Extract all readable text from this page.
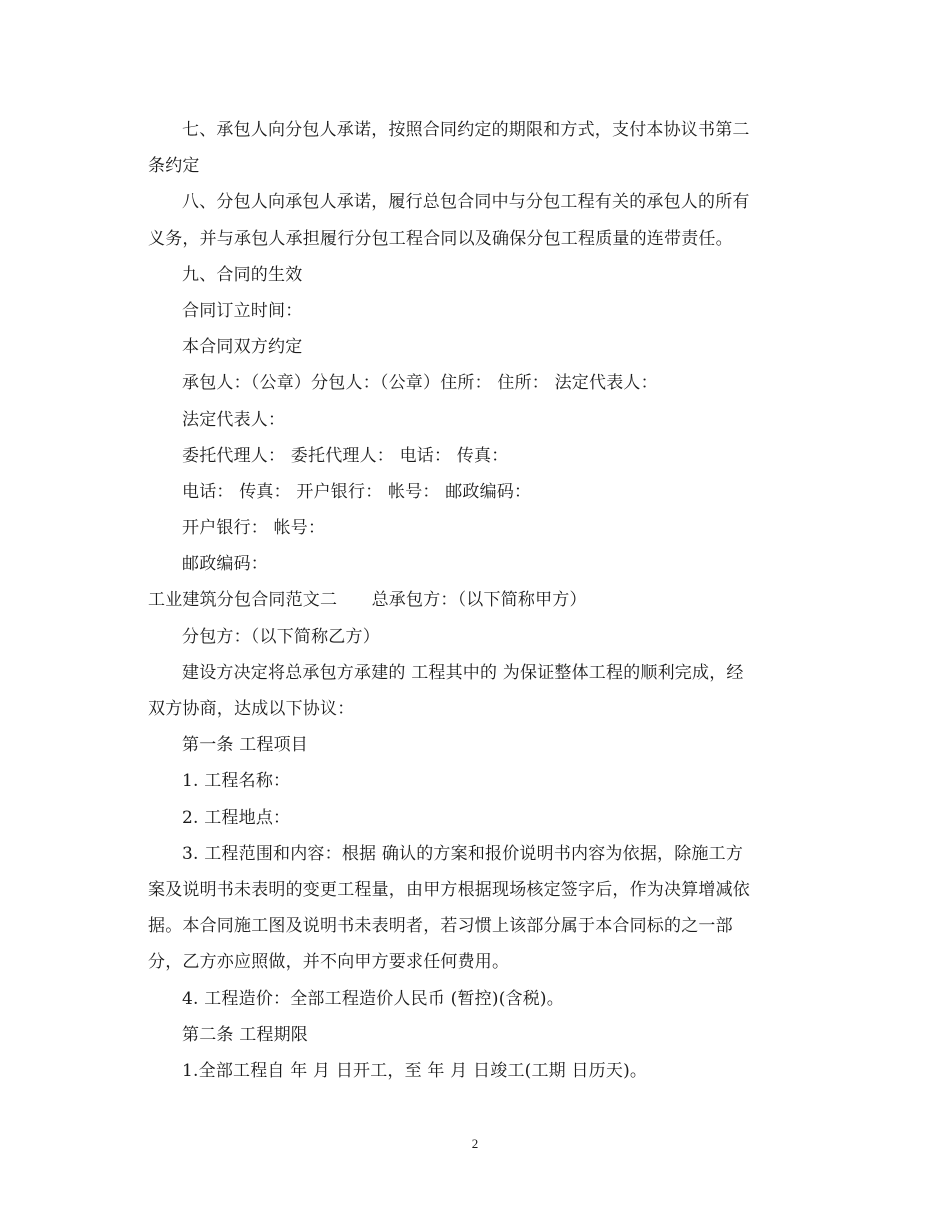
七、承包人向分包人承诺，按照合同约定的期限和方式，支付本协议书第二
条约定
八、分包人向承包人承诺，履行总包合同中与分包工程有关的承包人的所有
义务，并与承包人承担履行分包工程合同以及确保分包工程质量的连带责任。
九、合同的生效
合同订立时间：
本合同双方约定
承包人：（公章）分包人：（公章）住所： 住所： 法定代表人：
法定代表人：
委托代理人： 委托代理人： 电话： 传真：
电话： 传真： 开户银行： 帐号： 邮政编码：
开户银行： 帐号：
邮政编码：
工业建筑分包合同范文二　　总承包方：（以下简称甲方）
分包方：（以下简称乙方）
建设方决定将总承包方承建的 工程其中的 为保证整体工程的顺利完成，经
双方协商，达成以下协议：
第一条 工程项目
1. 工程名称：
2. 工程地点：
3. 工程范围和内容：根据 确认的方案和报价说明书内容为依据，除施工方
案及说明书未表明的变更工程量，由甲方根据现场核定签字后，作为决算增减依
据。本合同施工图及说明书未表明者，若习惯上该部分属于本合同标的之一部
分，乙方亦应照做，并不向甲方要求任何费用。
4. 工程造价：全部工程造价人民币 (暂控)(含税)。
第二条 工程期限
1.全部工程自 年 月 日开工，至 年 月 日竣工(工期 日历天)。
2
